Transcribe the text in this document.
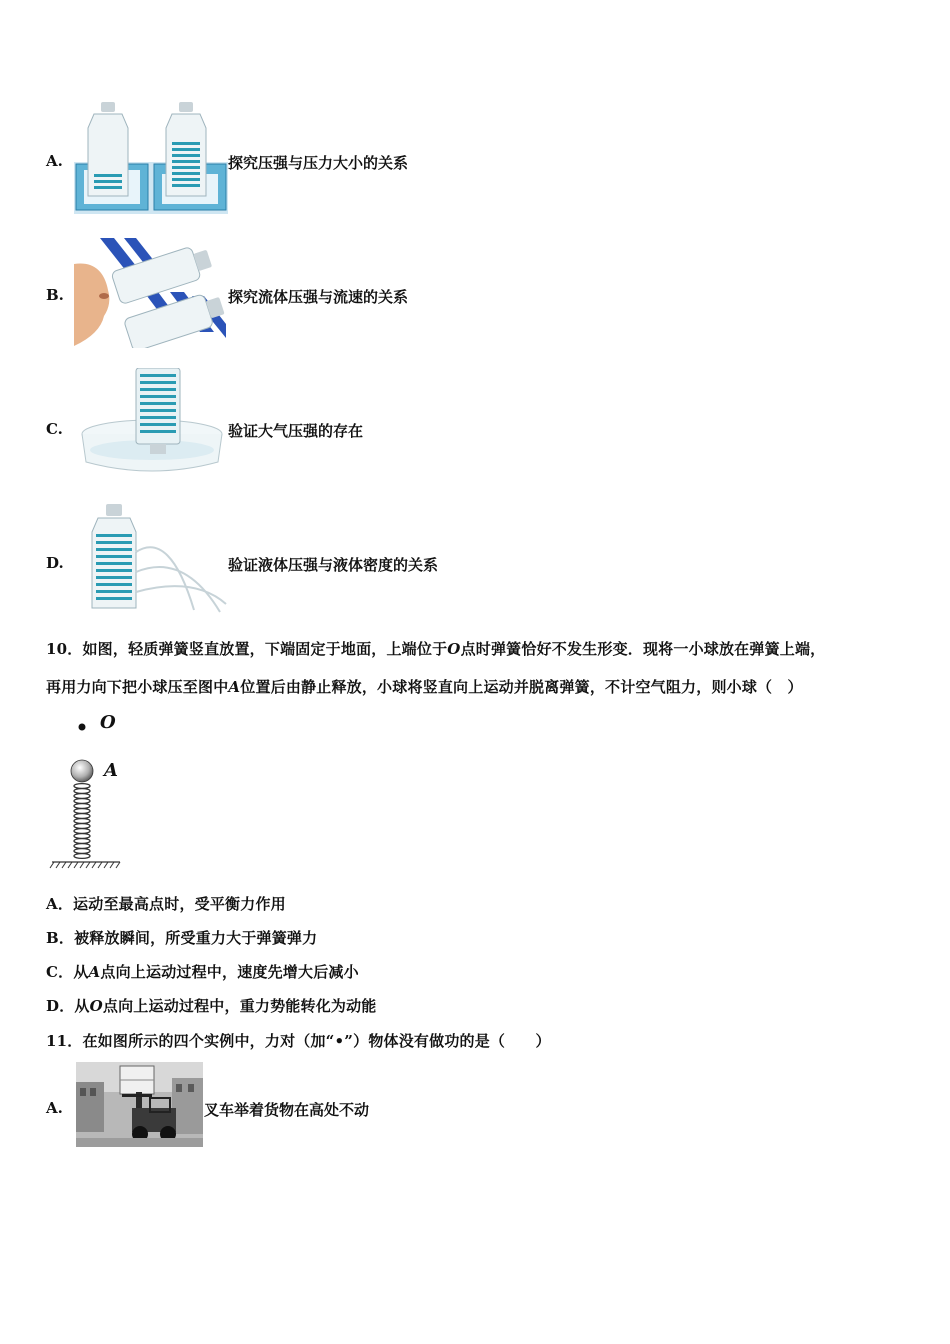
A.	探究压强与压力大小的关系
B.	探究流体压强与流速的关系
C.	验证大气压强的存在
D.	验证液体压强与液体密度的关系
10．如图，轻质弹簧竖直放置，下端固定于地面，上端位于O点时弹簧恰好不发生形变．现将一小球放在弹簧上端，
再用力向下把小球压至图中A位置后由静止释放，小球将竖直向上运动并脱离弹簧，不计空气阻力，则小球（　）
O
A
A．运动至最高点时，受平衡力作用
B．被释放瞬间，所受重力大于弹簧弹力
C．从A点向上运动过程中，速度先增大后减小
D．从O点向上运动过程中，重力势能转化为动能
11．在如图所示的四个实例中，力对（加“•”）物体没有做功的是（　　）
A.	叉车举着货物在高处不动
